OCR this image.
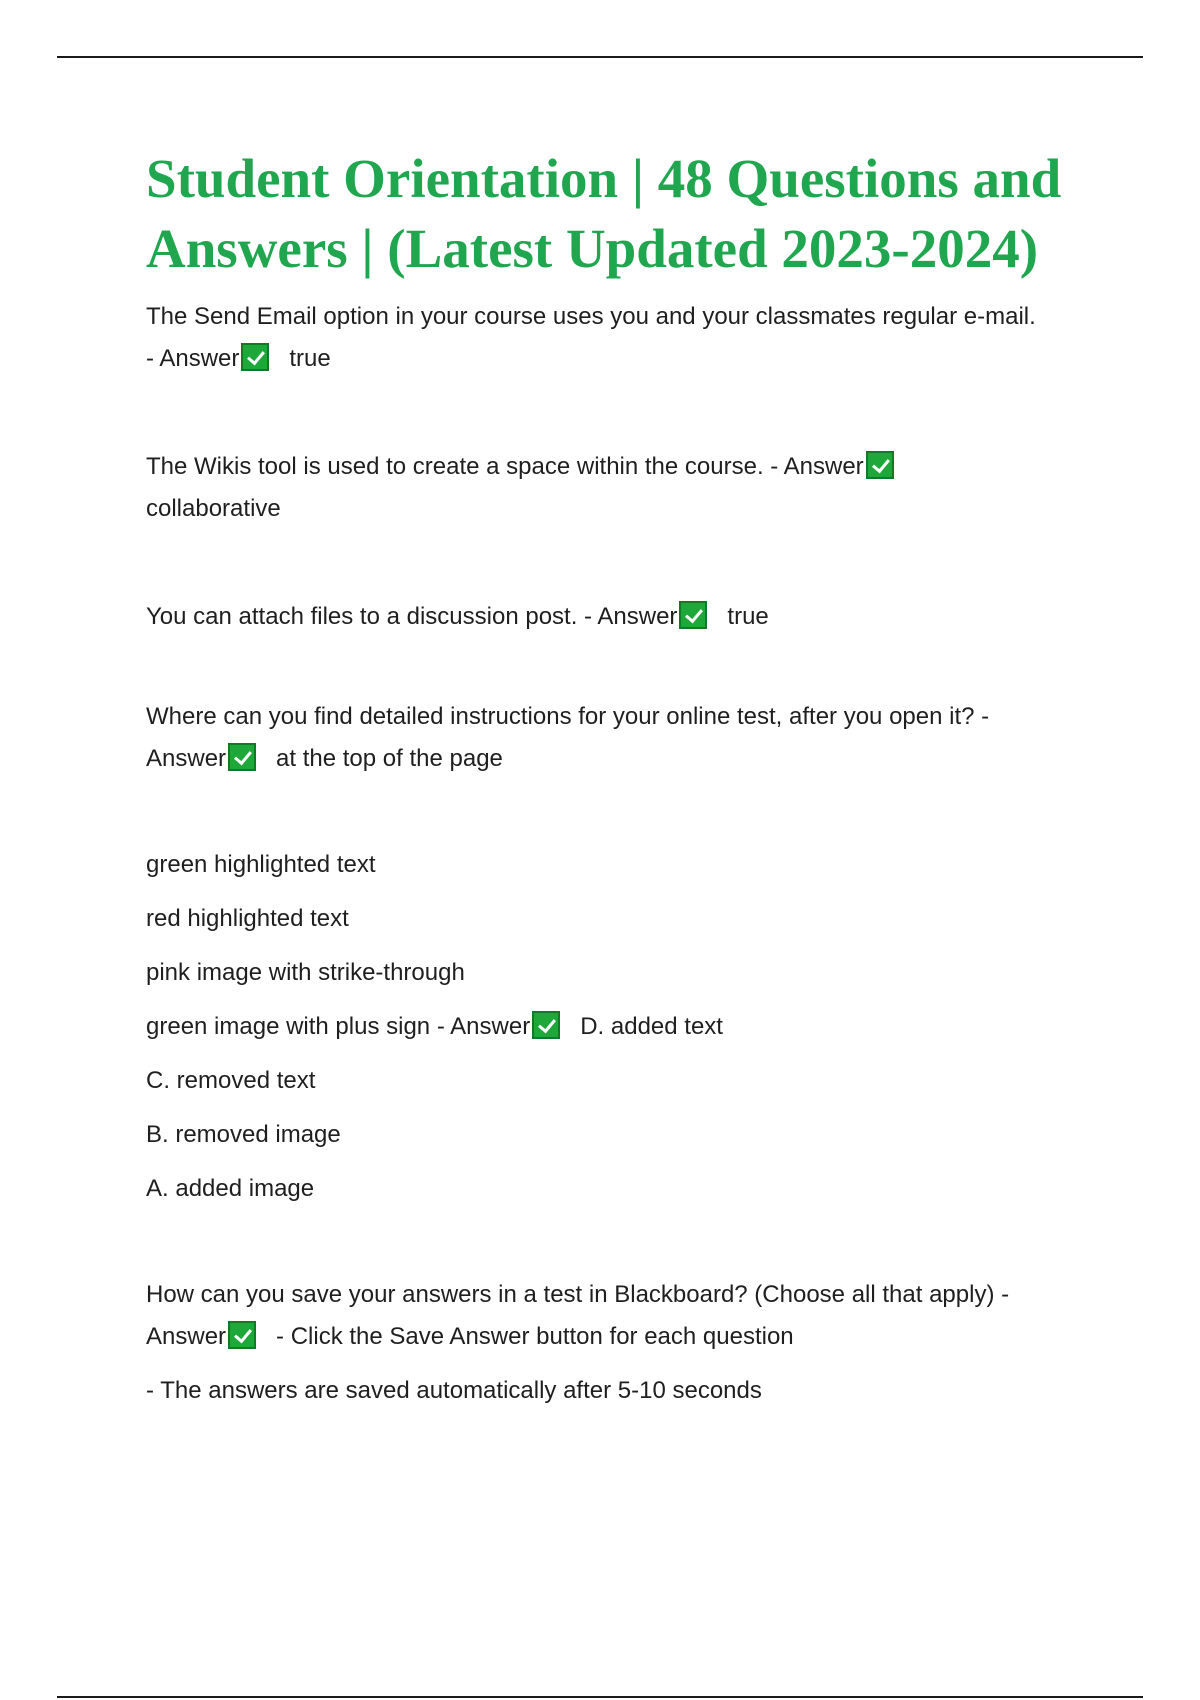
Student Orientation | 48 Questions and Answers | (Latest Updated 2023-2024)

The Send Email option in your course uses you and your classmates regular e-mail.

- Answer true

The Wikis tool is used to create a space within the course. - Answer

collaborative

You can attach files to a discussion post. - Answer true

Where can you find detailed instructions for your online test, after you open it? -

Answer at the top of the page

green highlighted text

red highlighted text

pink image with strike-through

green image with plus sign - Answer D. added text

C. removed text

B. removed image

A. added image

How can you save your answers in a test in Blackboard? (Choose all that apply) -

Answer - Click the Save Answer button for each question

- The answers are saved automatically after 5-10 seconds
